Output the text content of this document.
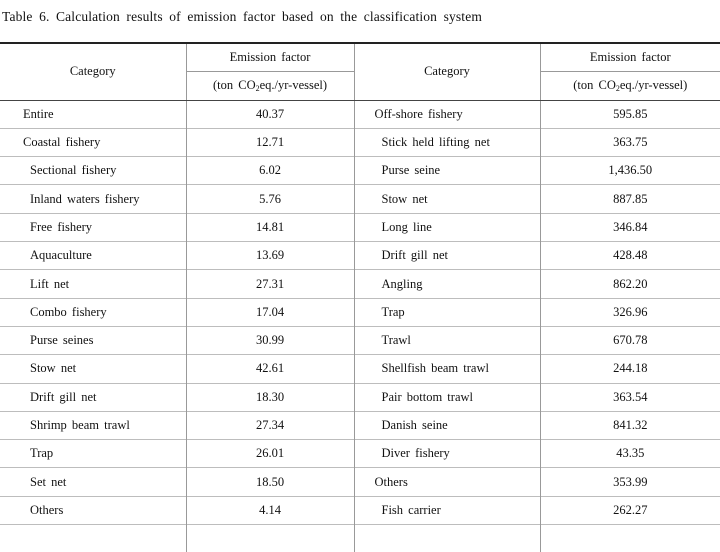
Table 6. Calculation results of emission factor based on the classification system
Category	Emission factor	Category	Emission factor
	(ton $CO_2eq./yr-vessel$)		(ton $CO_2eq./yr-vessel$)
Entire	40.37	Off-shore fishery	595.85
Coastal fishery	12.71	Stick held lifting net	363.75
Sectional fishery	6.02	Purse seine	1,436.50
Inland waters fishery	5.76	Stow net	887.85
Free fishery	14.81	Long line	346.84
Aquaculture	13.69	Drift gill net	428.48
Lift net	27.31	Angling	862.20
Combo fishery	17.04	Trap	326.96
Purse seines	30.99	Trawl	670.78
Stow net	42.61	Shellfish beam trawl	244.18
Drift gill net	18.30	Pair bottom trawl	363.54
Shrimp beam trawl	27.34	Danish seine	841.32
Trap	26.01	Diver fishery	43.35
Set net	18.50	Others	353.99
Others	4.14	Fish carrier	262.27
